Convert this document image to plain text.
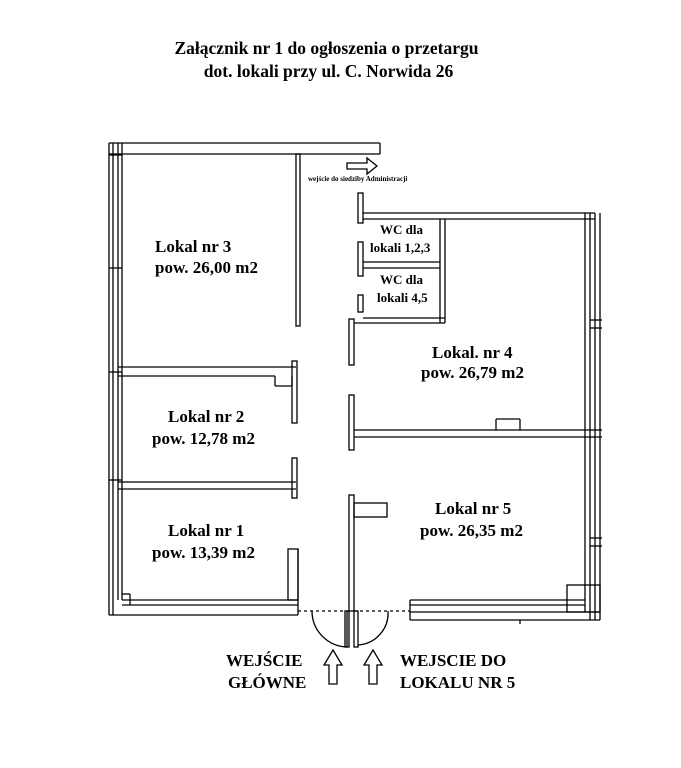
Załącznik nr 1 do ogłoszenia o przetargu
dot. lokali przy ul. C. Norwida 26
wejście do siedziby Administracji
Lokal nr 3
pow. 26,00 m2
Lokal nr 2
pow. 12,78 m2
Lokal nr 1
pow. 13,39 m2
WC dla
lokali 1,2,3
WC dla
lokali 4,5
Lokal. nr 4
pow. 26,79 m2
Lokal nr 5
pow. 26,35 m2
WEJŚCIE
GŁÓWNE
WEJSCIE DO
LOKALU NR 5
